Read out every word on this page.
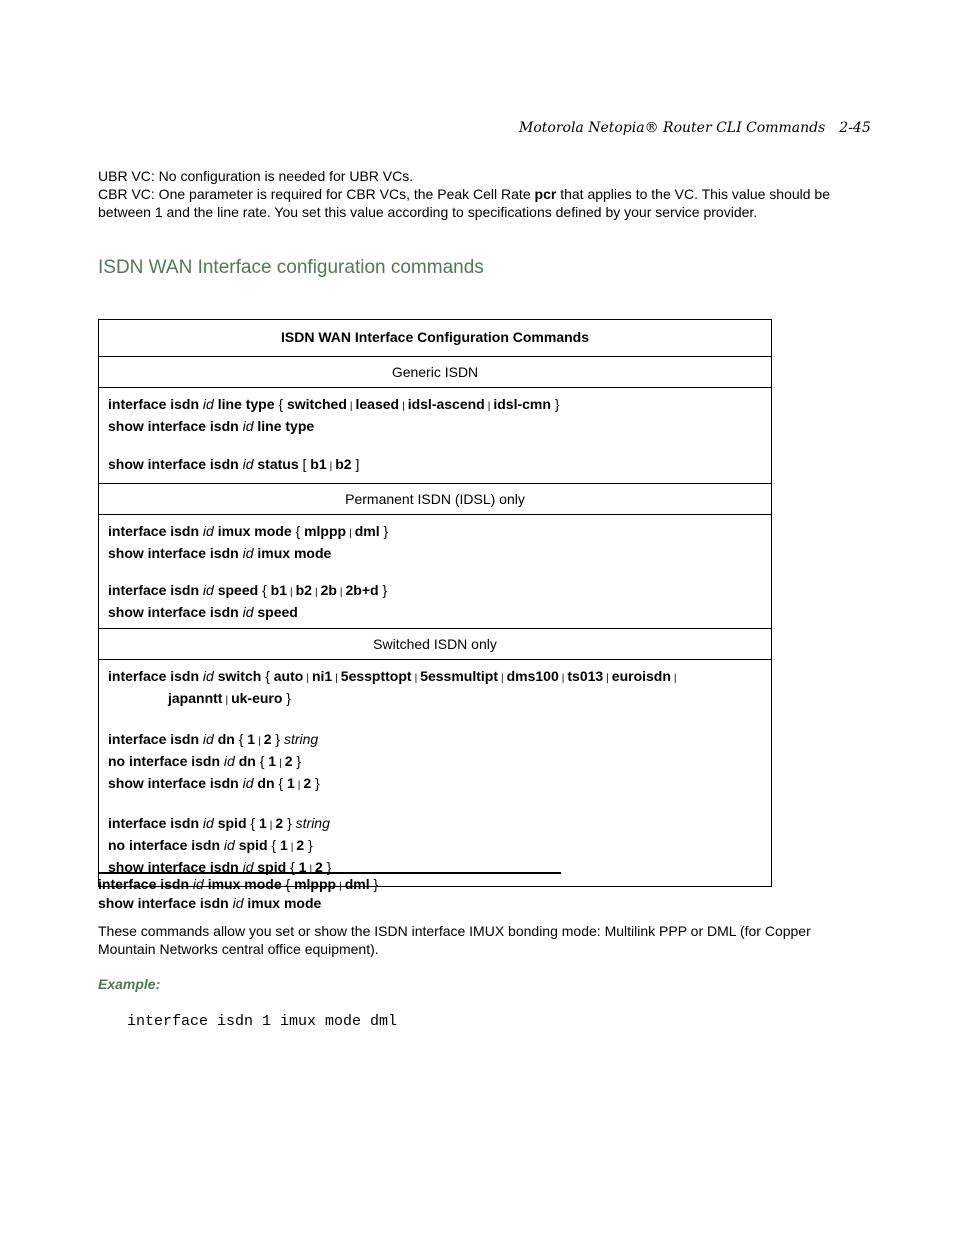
Motorola Netopia® Router CLI Commands 2-45
UBR VC: No configuration is needed for UBR VCs.
CBR VC: One parameter is required for CBR VCs, the Peak Cell Rate pcr that applies to the VC. This value should be between 1 and the line rate. You set this value according to specifications defined by your service provider.
ISDN WAN Interface configuration commands
ISDN WAN Interface Configuration Commands
Generic ISDN

interface isdn id line type { switched | leased | idsl-ascend | idsl-cmn }
show interface isdn id line type
show interface isdn id status [ b1 | b2 ]

Permanent ISDN (IDSL) only

interface isdn id imux mode { mlppp | dml }
show interface isdn id imux mode
interface isdn id speed { b1 | b2 | 2b | 2b+d }
show interface isdn id speed

Switched ISDN only

interface isdn id switch { auto | ni1 | 5esspttopt | 5essmultipt | dms100 | ts013 | euroisdn |
japanntt | uk-euro }
interface isdn id dn { 1 | 2 } string
no interface isdn id dn { 1 | 2 }
show interface isdn id dn { 1 | 2 }
interface isdn id spid { 1 | 2 } string
no interface isdn id spid { 1 | 2 }
show interface isdn id spid { 1 | 2 }
interface isdn id imux mode { mlppp | dml }
show interface isdn id imux mode
These commands allow you set or show the ISDN interface IMUX bonding mode: Multilink PPP or DML (for Copper Mountain Networks central office equipment).
Example:
interface isdn 1 imux mode dml
